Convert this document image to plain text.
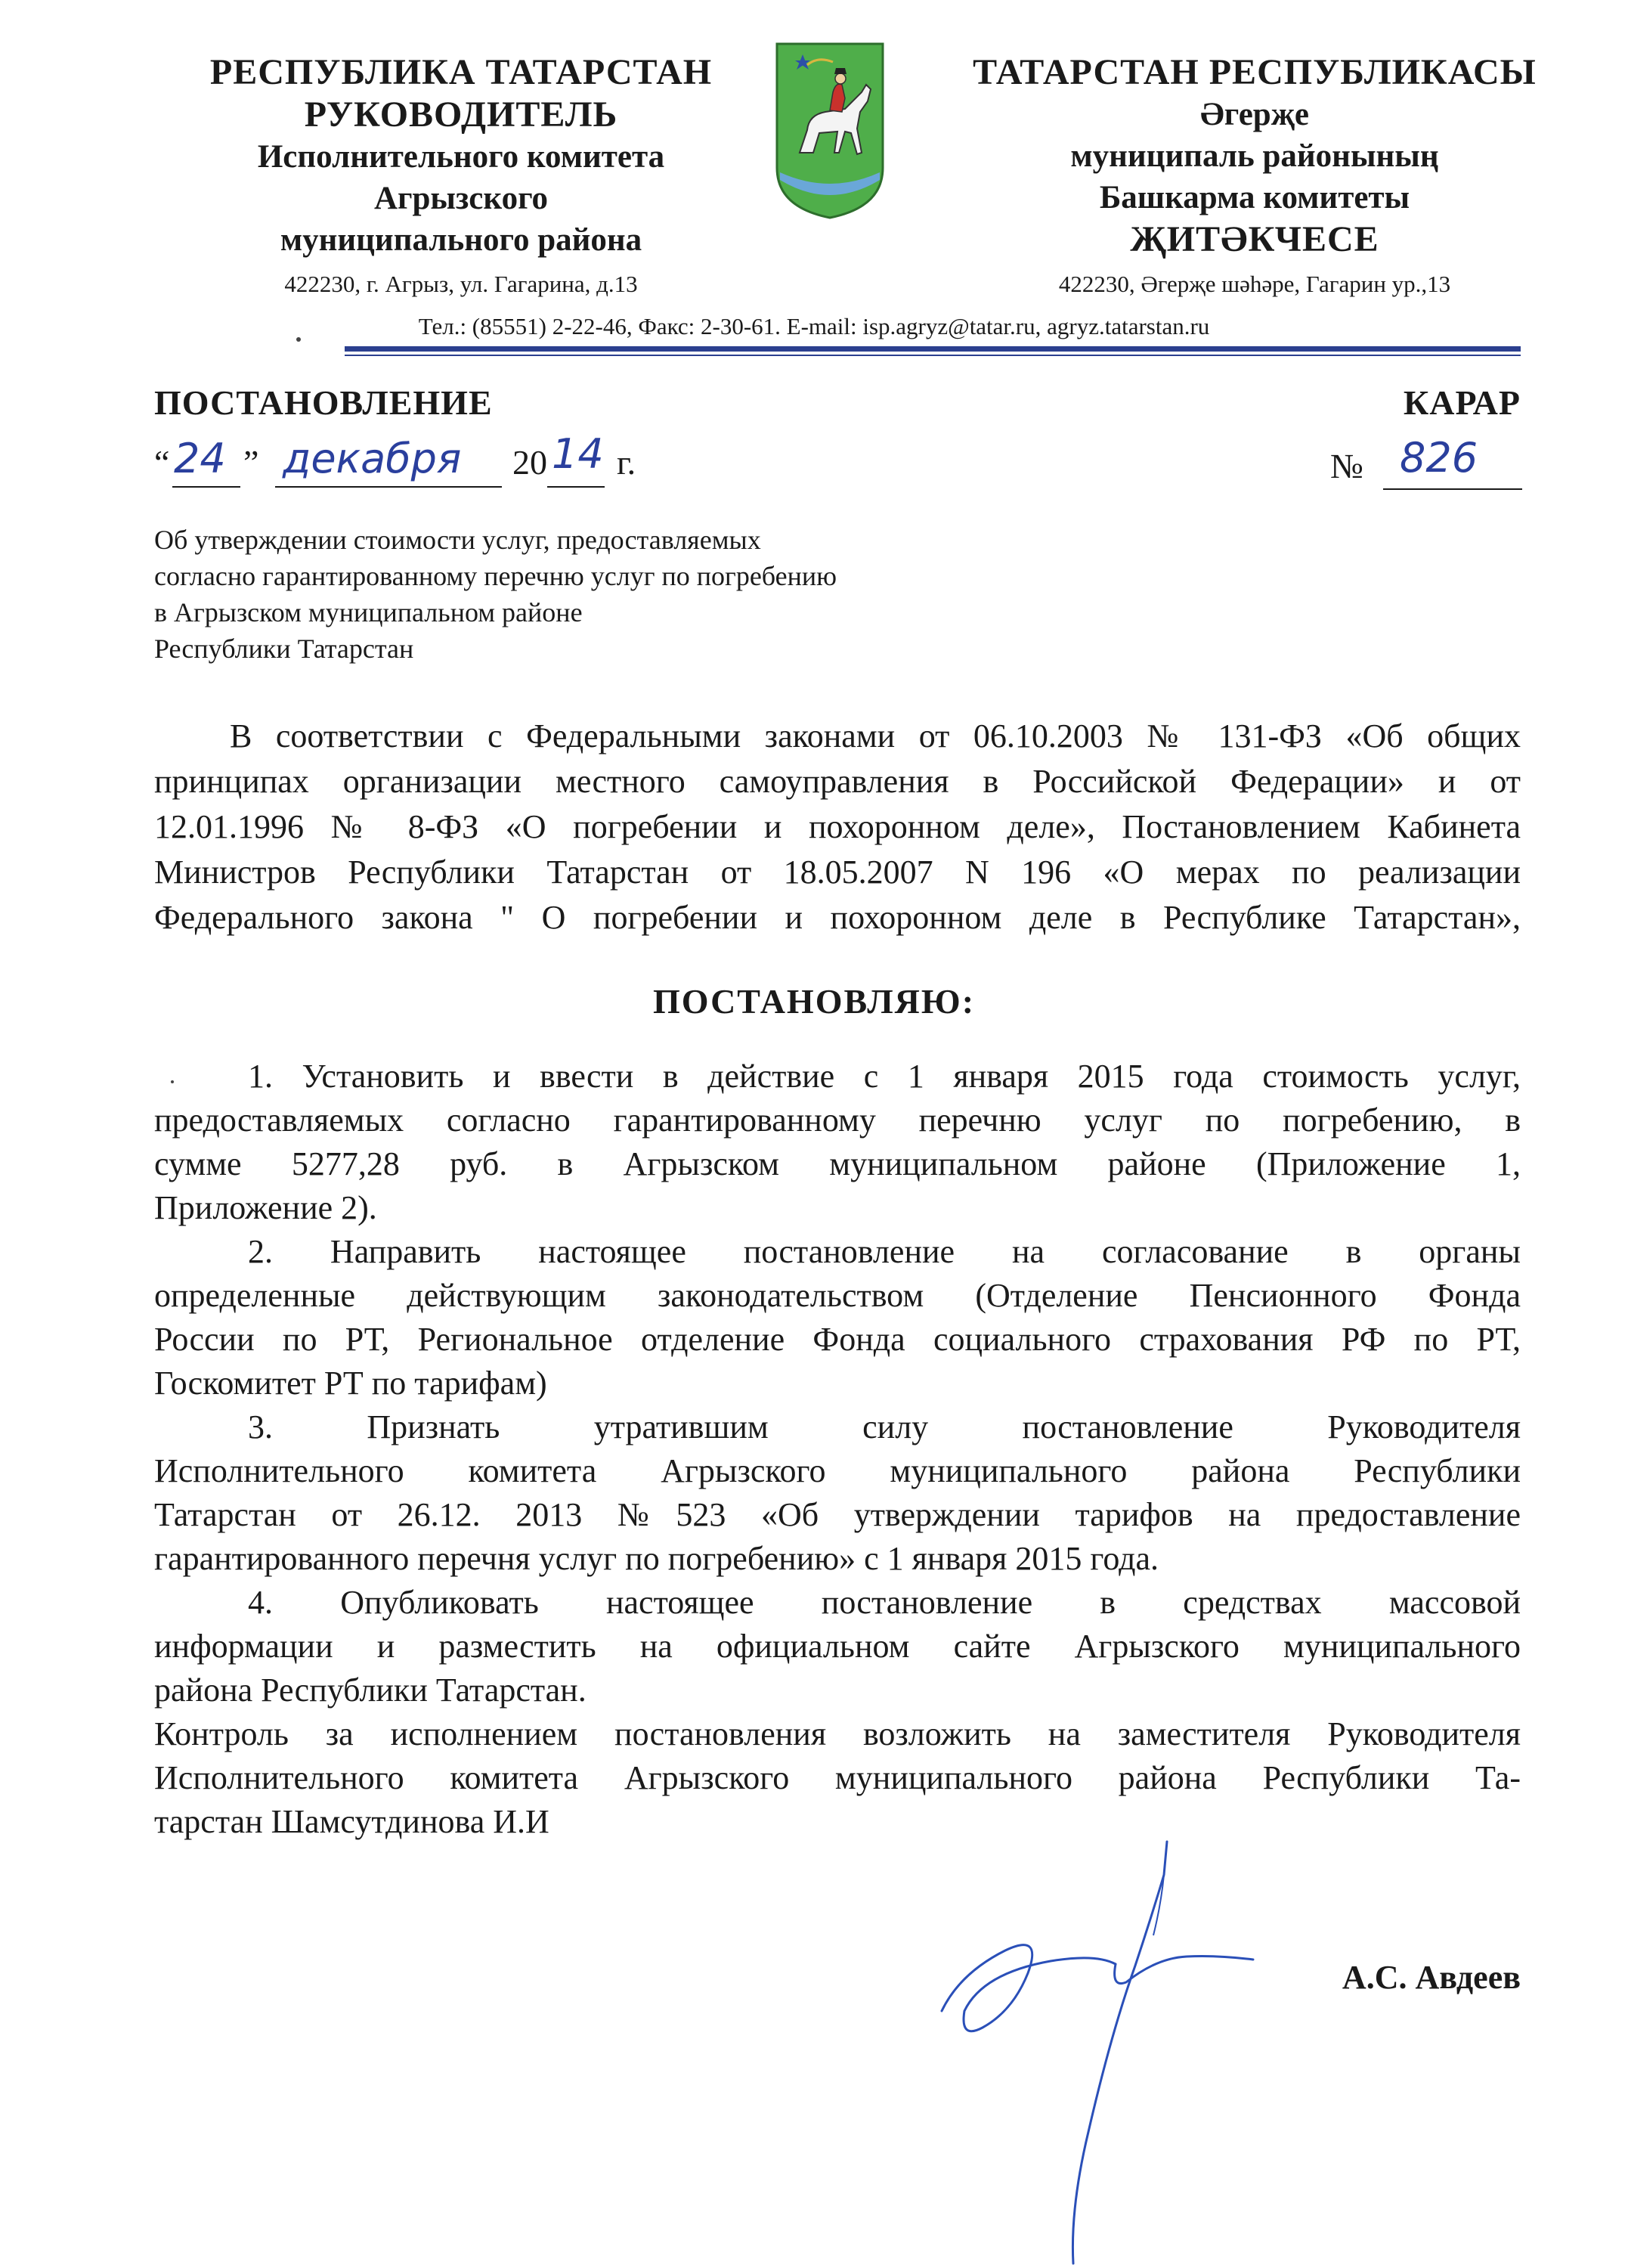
РЕСПУБЛИКА ТАТАРСТАН
РУКОВОДИТЕЛЬ
Исполнительного комитета
Агрызского
муниципального района
422230, г. Агрыз, ул. Гагарина, д.13
ТАТАРСТАН РЕСПУБЛИКАСЫ
Әгерҗе
муниципаль районының
Башкарма комитеты
ҖИТӘКЧЕСЕ
422230, Әгерҗе шәһәре, Гагарин ур.,13
Тел.: (85551) 2-22-46, Факс: 2-30-61. E-mail: isp.agryz@tatar.ru, agryz.tatarstan.ru
ПОСТАНОВЛЕНИЕ	КАРАР
“ 24 ” декабря 20 14 г.	№ 826
Об утверждении стоимости услуг, предоставляемых
согласно гарантированному перечню услуг по погребению
в Агрызском муниципальном районе
Республики Татарстан
В соответствии с Федеральными законами от 06.10.2003 № 131-ФЗ «Об общих
принципах организации местного самоуправления в Российской Федерации» и от
12.01.1996 № 8-ФЗ «О погребении и похоронном деле», Постановлением Кабинета
Министров Республики Татарстан от 18.05.2007 N 196 «О мерах по реализации
Федерального закона " О погребении и похоронном деле в Республике Татарстан»,
ПОСТАНОВЛЯЮ:
1. Установить и ввести в действие с 1 января 2015 года стоимость услуг,
предоставляемых согласно гарантированному перечню услуг по погребению, в
сумме 5277,28 руб. в Агрызском муниципальном районе (Приложение 1,
Приложение 2).
2. Направить настоящее постановление на согласование в органы
определенные действующим законодательством (Отделение Пенсионного Фонда
России по РТ, Региональное отделение Фонда социального страхования РФ по РТ,
Госкомитет РТ по тарифам)
3. Признать утратившим силу постановление Руководителя
Исполнительного комитета Агрызского муниципального района Республики
Татарстан от 26.12. 2013 №523 «Об утверждении тарифов на предоставление
гарантированного перечня услуг по погребению» с 1 января 2015 года.
4. Опубликовать настоящее постановление в средствах массовой
информации и разместить на официальном сайте Агрызского муниципального
района Республики Татарстан.
Контроль за исполнением постановления возложить на заместителя Руководителя
Исполнительного комитета Агрызского муниципального района Республики Та-
тарстан Шамсутдинова И.И
А.С. Авдеев
